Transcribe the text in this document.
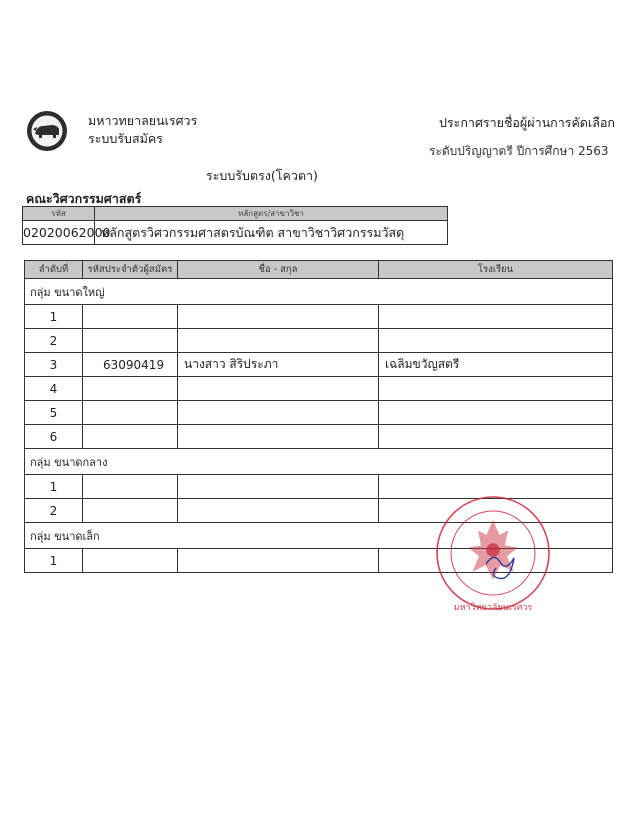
มหาวทยาลยนเรศวร
ระบบรับสมัคร
ประกาศรายชื่อผู้ผ่านการคัดเลือก
ระดับปริญญาตรี ปีการศึกษา 2563
ระบบรับตรง(โควตา)
คณะวิศวกรรมศาสตร์
รหัส	หลักสูตร/สาขาวิชา
02020062000	หลักสูตรวิศวกรรมศาสตรบัณฑิต สาขาวิชาวิศวกรรมวัสดุ
ลำดับที่	รหัสประจำตัวผู้สมัคร	ชื่อ - สกุล	โรงเรียน
กลุ่ม ขนาดใหญ่			
1			
2			
3	63090419	นางสาว สิริประภา	เฉลิมขวัญสตรี
4			
5			
6			
กลุ่ม ขนาดกลาง			
1			
2			
กลุ่ม ขนาดเล็ก			
1			
มหาวิทยาลัยนเรศวร
